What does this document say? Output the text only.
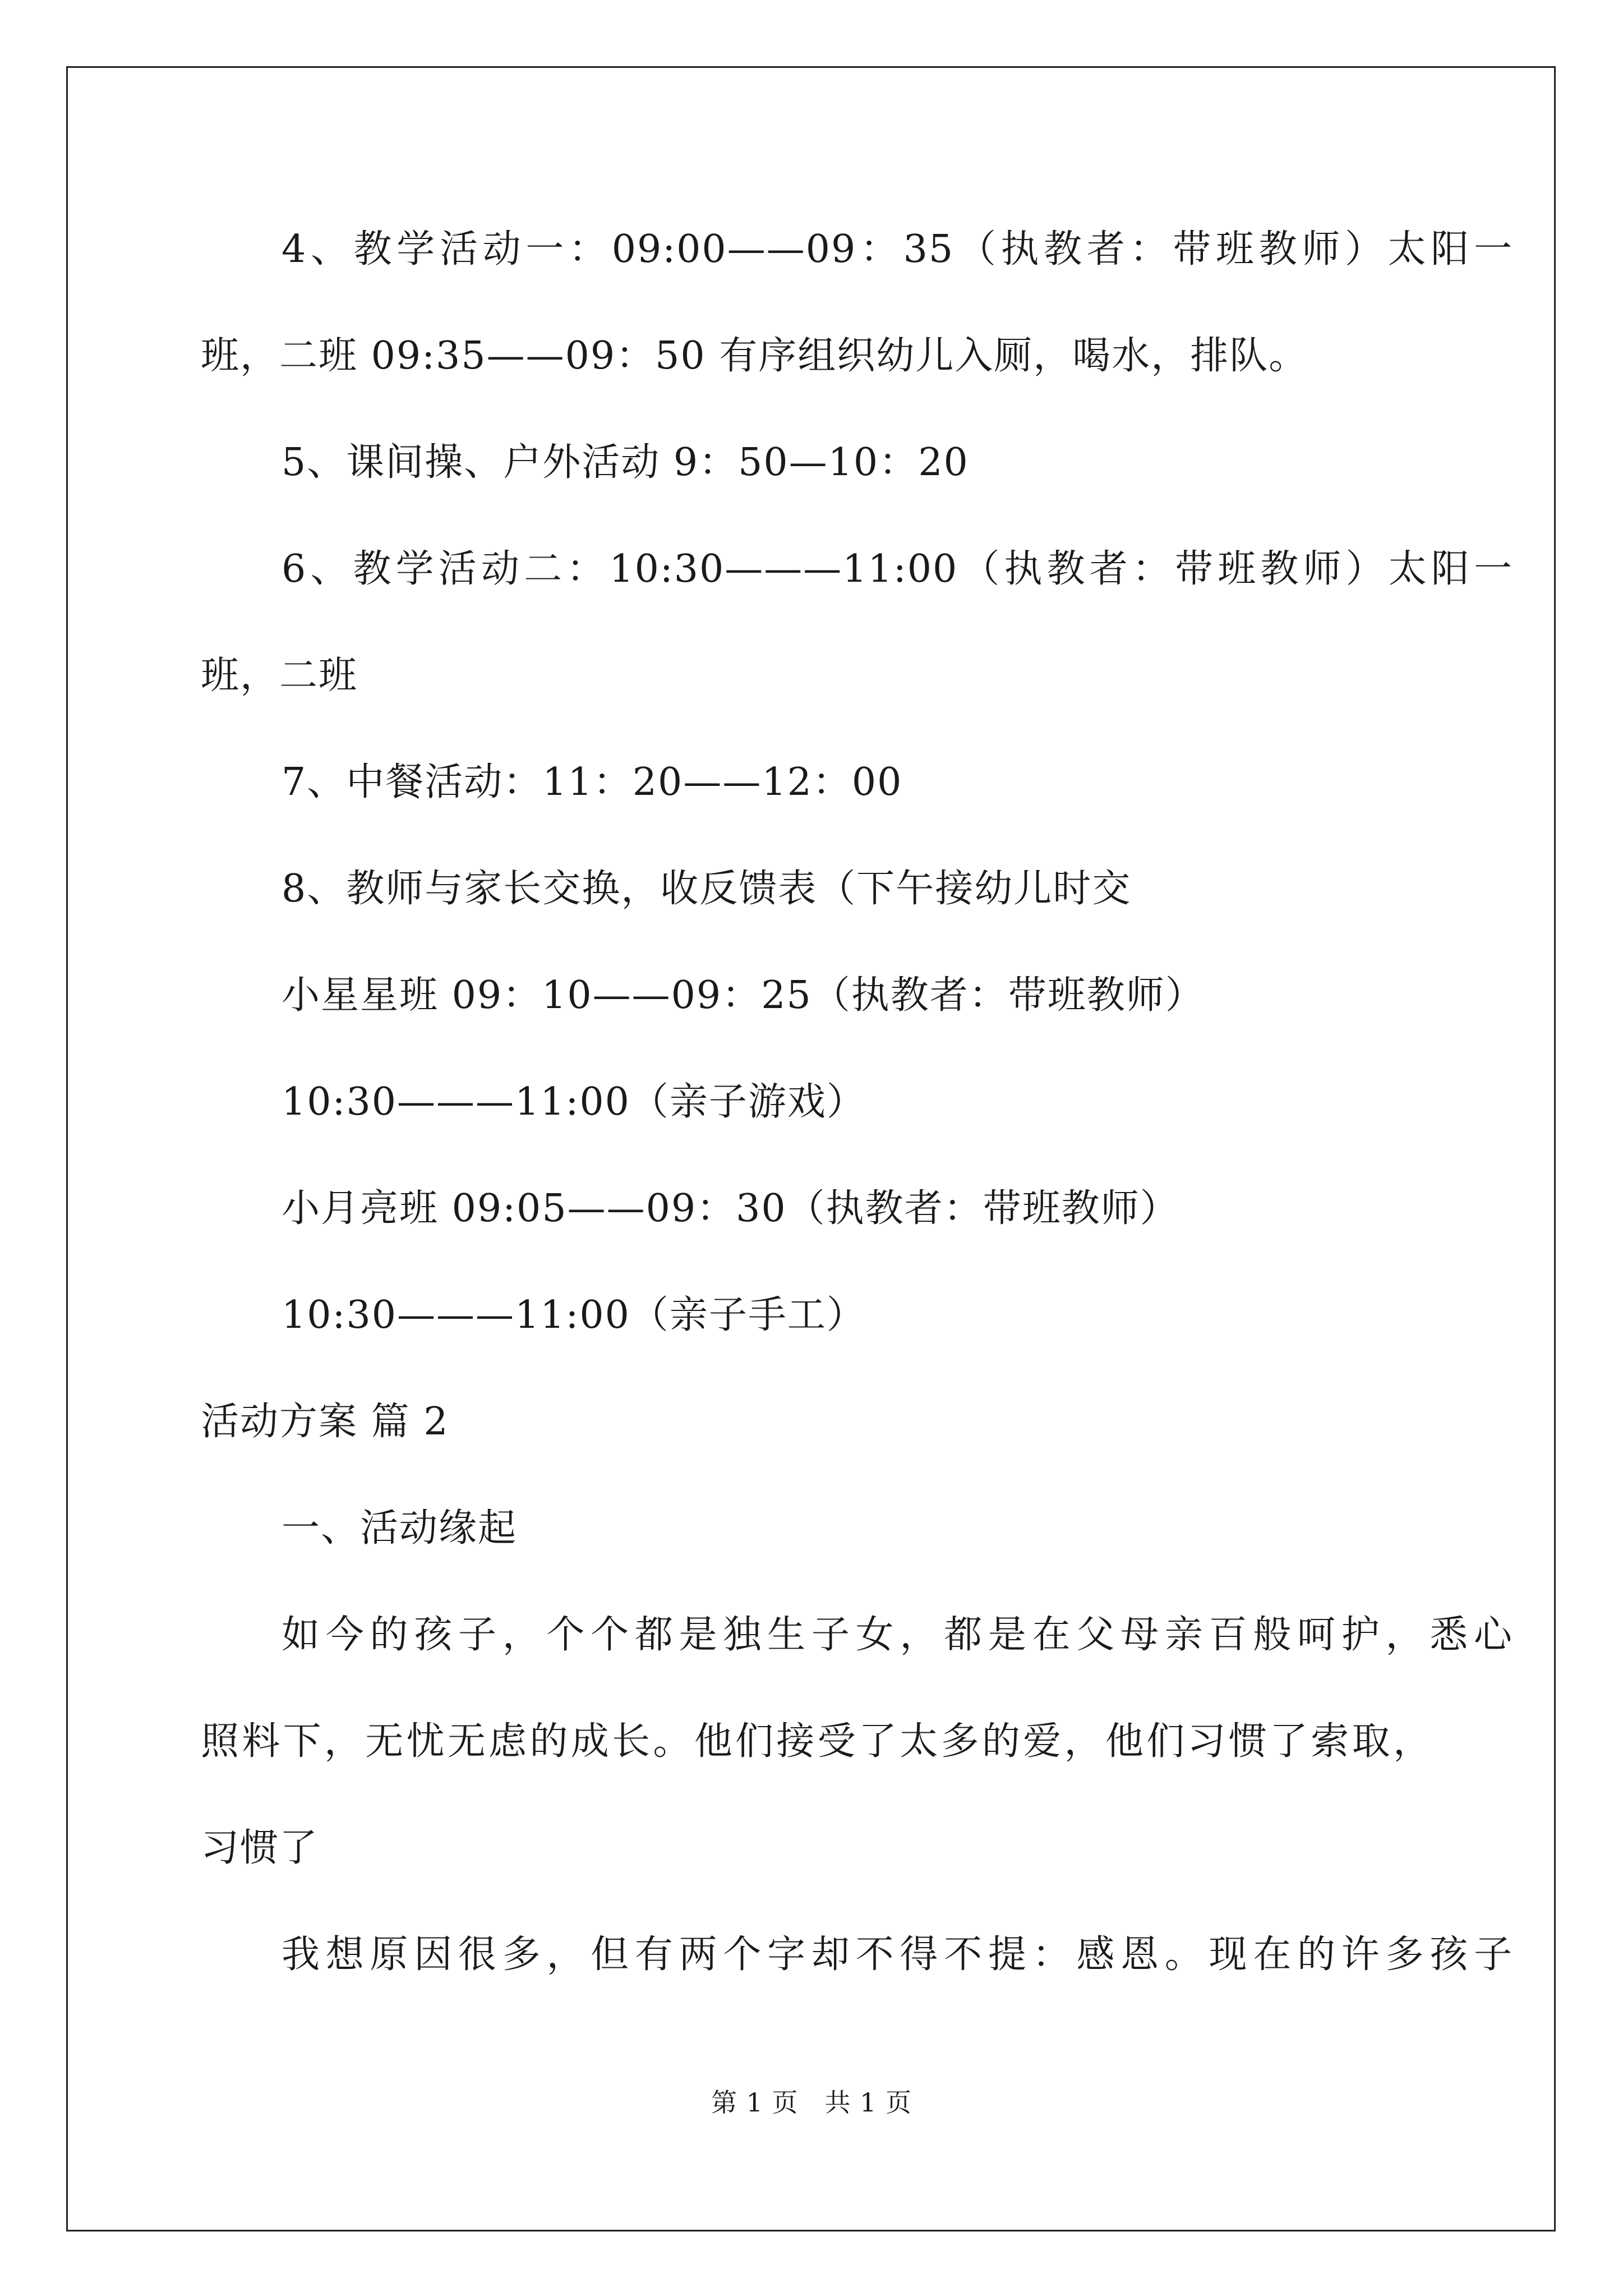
4、教学活动一：09:00——09：35（执教者：带班教师）太阳一
班，二班 09:35——09：50 有序组织幼儿入厕，喝水，排队。
5、课间操、户外活动 9：50—10：20
6、教学活动二：10:30———11:00（执教者：带班教师）太阳一
班，二班
7、中餐活动：11：20——12：00
8、教师与家长交换，收反馈表（下午接幼儿时交
小星星班 09：10——09：25（执教者：带班教师）
10:30———11:00（亲子游戏）
小月亮班 09:05——09：30（执教者：带班教师）
10:30———11:00（亲子手工）
活动方案 篇 2
一、活动缘起
如今的孩子，个个都是独生子女，都是在父母亲百般呵护，悉心
照料下，无忧无虑的成长。他们接受了太多的爱，他们习惯了索取，
习惯了
我想原因很多，但有两个字却不得不提：感恩。现在的许多孩子
第 1 页　共 1 页
